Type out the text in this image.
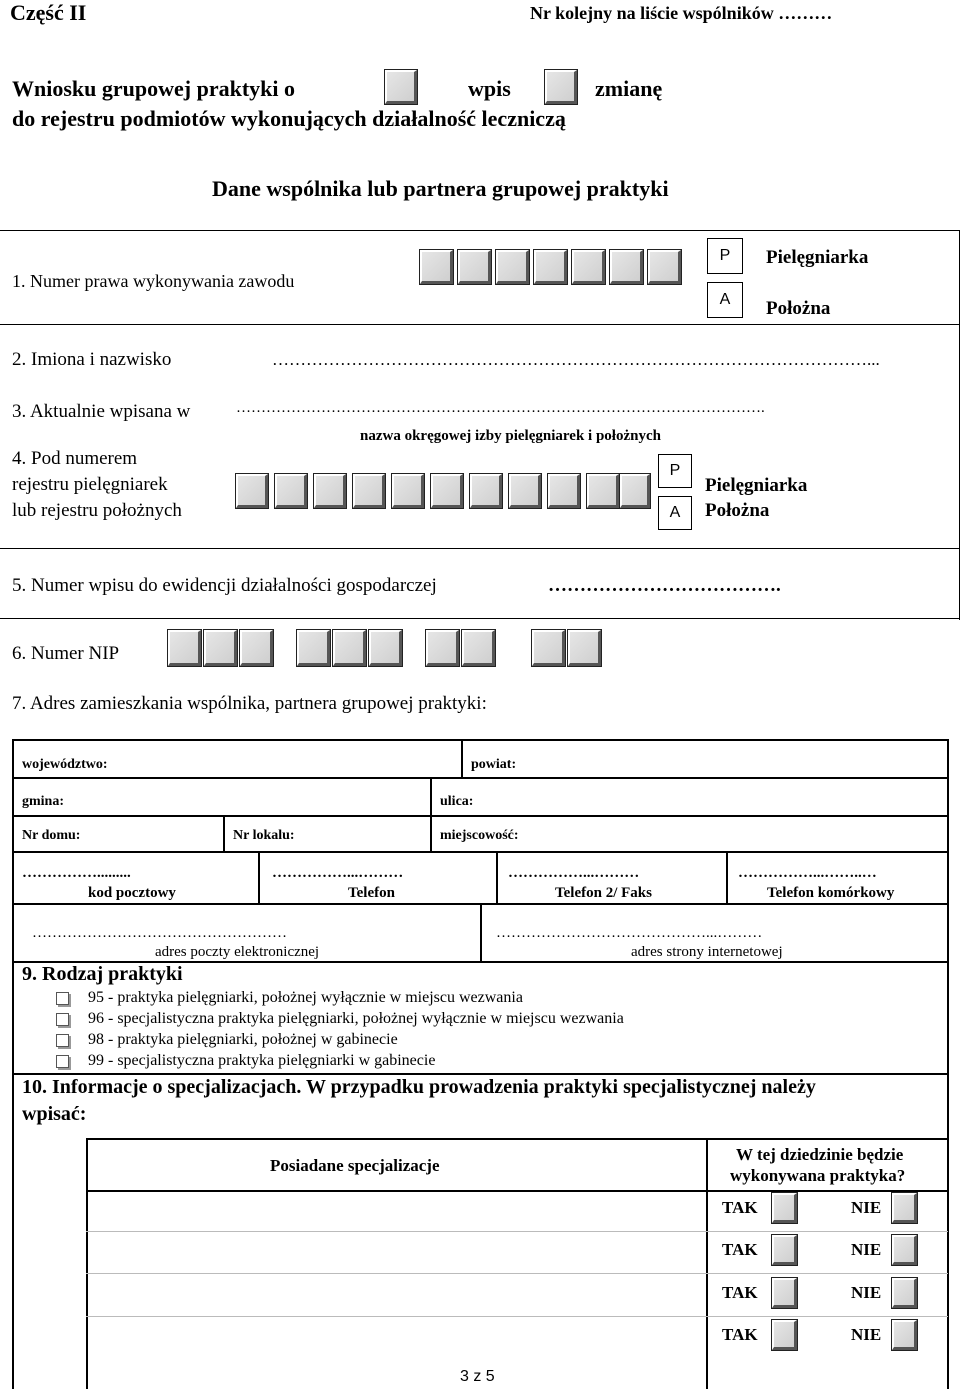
Część II	Nr kolejny na liście wspólników ………
Wniosku grupowej praktyki o	wpis	zmianę
do rejestru podmiotów wykonujących działalność leczniczą
Dane wspólnika lub partnera grupowej praktyki
1. Numer prawa wykonywania zawodu
P
A
Pielęgniarka
Położna
2. Imiona i nazwisko	……………………………………………………………………………………………...
3. Aktualnie wpisana w	…………………………………………………………………………………………….
nazwa okręgowej izby pielęgniarek i położnych
4. Pod numerem
rejestru pielęgniarek
lub rejestru położnych
P
A
Pielęgniarka
Położna
5. Numer wpisu do ewidencji działalności gospodarczej	……………………………….
6. Numer NIP
7. Adres zamieszkania wspólnika, partnera grupowej praktyki:
województwo:	powiat:
gmina:	ulica:
Nr domu:	Nr lokalu:	miejscowość:
…………….........	……………...………	……………...………	……………...……..…
kod pocztowy	Telefon	Telefon 2/ Faks	Telefon komórkowy
……………………………………………	……………………………………...………
adres poczty elektronicznej	adres strony internetowej
9. Rodzaj praktyki
95 - praktyka pielęgniarki, położnej wyłącznie w miejscu wezwania
96 - specjalistyczna praktyka pielęgniarki, położnej wyłącznie w miejscu wezwania
98 - praktyka pielęgniarki, położnej w gabinecie
99 - specjalistyczna praktyka pielęgniarki w gabinecie
10. Informacje o specjalizacjach. W przypadku prowadzenia praktyki specjalistycznej należy
wpisać:
Posiadane specjalizacje
W tej dziedzinie będzie
wykonywana praktyka?
TAK	NIE
TAK	NIE
TAK	NIE
TAK	NIE
3 z 5
